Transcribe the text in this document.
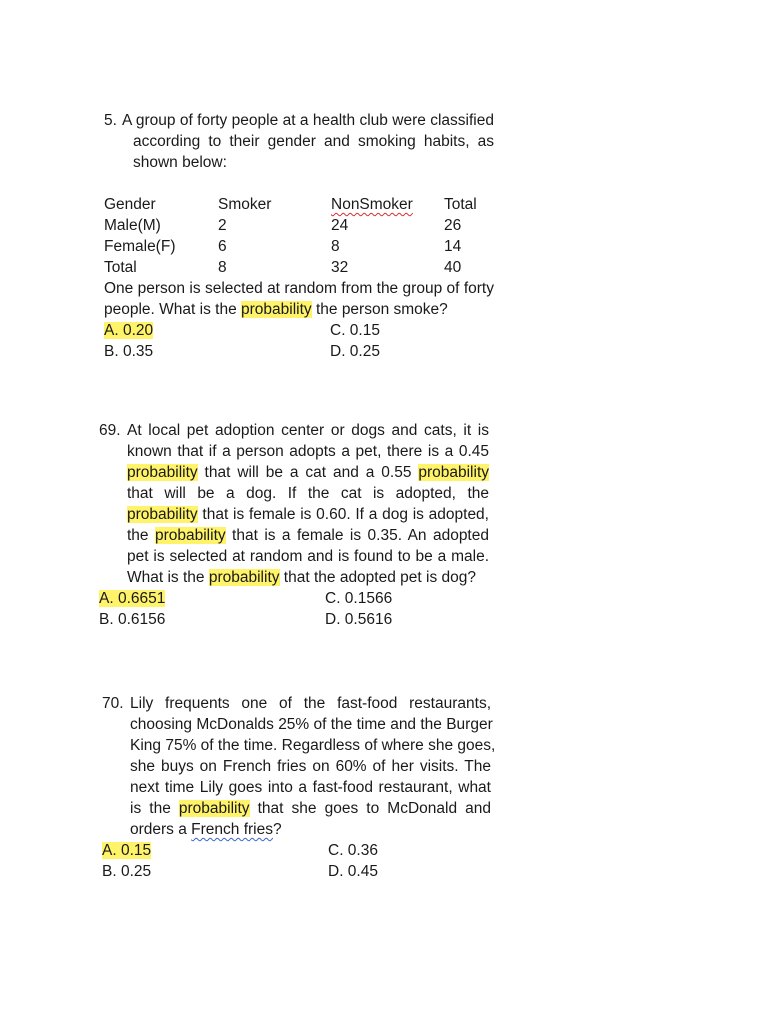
5. A group of forty people at a health club were classified
according to their gender and smoking habits, as
shown below:
Gender	Smoker	NonSmoker	Total
Male(M)	2	24	26
Female(F)	6	8	14
Total	8	32	40
One person is selected at random from the group of forty
people. What is the probability the person smoke?
A. 0.20	C. 0.15
B. 0.35	D. 0.25
69. At local pet adoption center or dogs and cats, it is
known that if a person adopts a pet, there is a 0.45
probability that will be a cat and a 0.55 probability
that will be a dog. If the cat is adopted, the
probability that is female is 0.60. If a dog is adopted,
the probability that is a female is 0.35. An adopted
pet is selected at random and is found to be a male.
What is the probability that the adopted pet is dog?
A. 0.6651	C. 0.1566
B. 0.6156	D. 0.5616
70. Lily frequents one of the fast-food restaurants,
choosing McDonalds 25% of the time and the Burger
King 75% of the time. Regardless of where she goes,
she buys on French fries on 60% of her visits. The
next time Lily goes into a fast-food restaurant, what
is the probability that she goes to McDonald and
orders a French fries?
A. 0.15	C. 0.36
B. 0.25	D. 0.45
